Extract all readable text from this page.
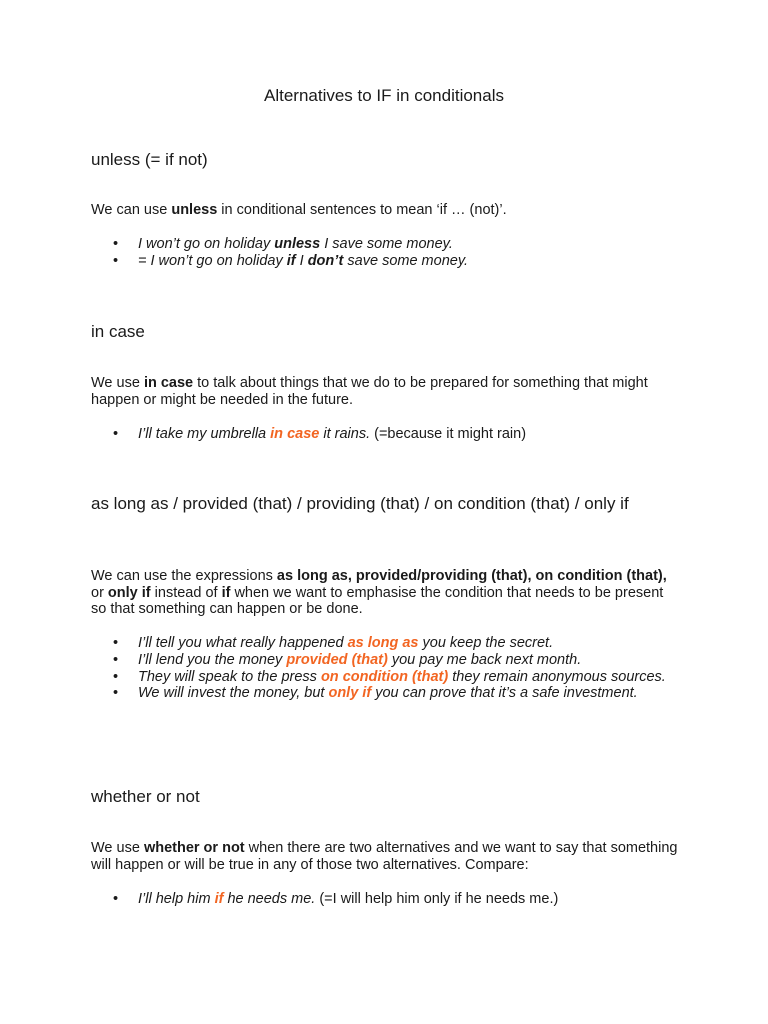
Alternatives to IF in conditionals
unless (= if not)

We can use unless in conditional sentences to mean ‘if … (not)’.

• I won’t go on holiday unless I save some money.
• = I won’t go on holiday if I don’t save some money.
in case

We use in case to talk about things that we do to be prepared for something that might happen or might be needed in the future.

• I’ll take my umbrella in case it rains. (=because it might rain)
as long as / provided (that) / providing (that) / on condition (that) / only if

We can use the expressions as long as, provided/providing (that), on condition (that), or only if instead of if when we want to emphasise the condition that needs to be present so that something can happen or be done.

• I’ll tell you what really happened as long as you keep the secret.
• I’ll lend you the money provided (that) you pay me back next month.
• They will speak to the press on condition (that) they remain anonymous sources.
• We will invest the money, but only if you can prove that it’s a safe investment.
whether or not

We use whether or not when there are two alternatives and we want to say that something will happen or will be true in any of those two alternatives. Compare:

• I’ll help him if he needs me. (=I will help him only if he needs me.)
